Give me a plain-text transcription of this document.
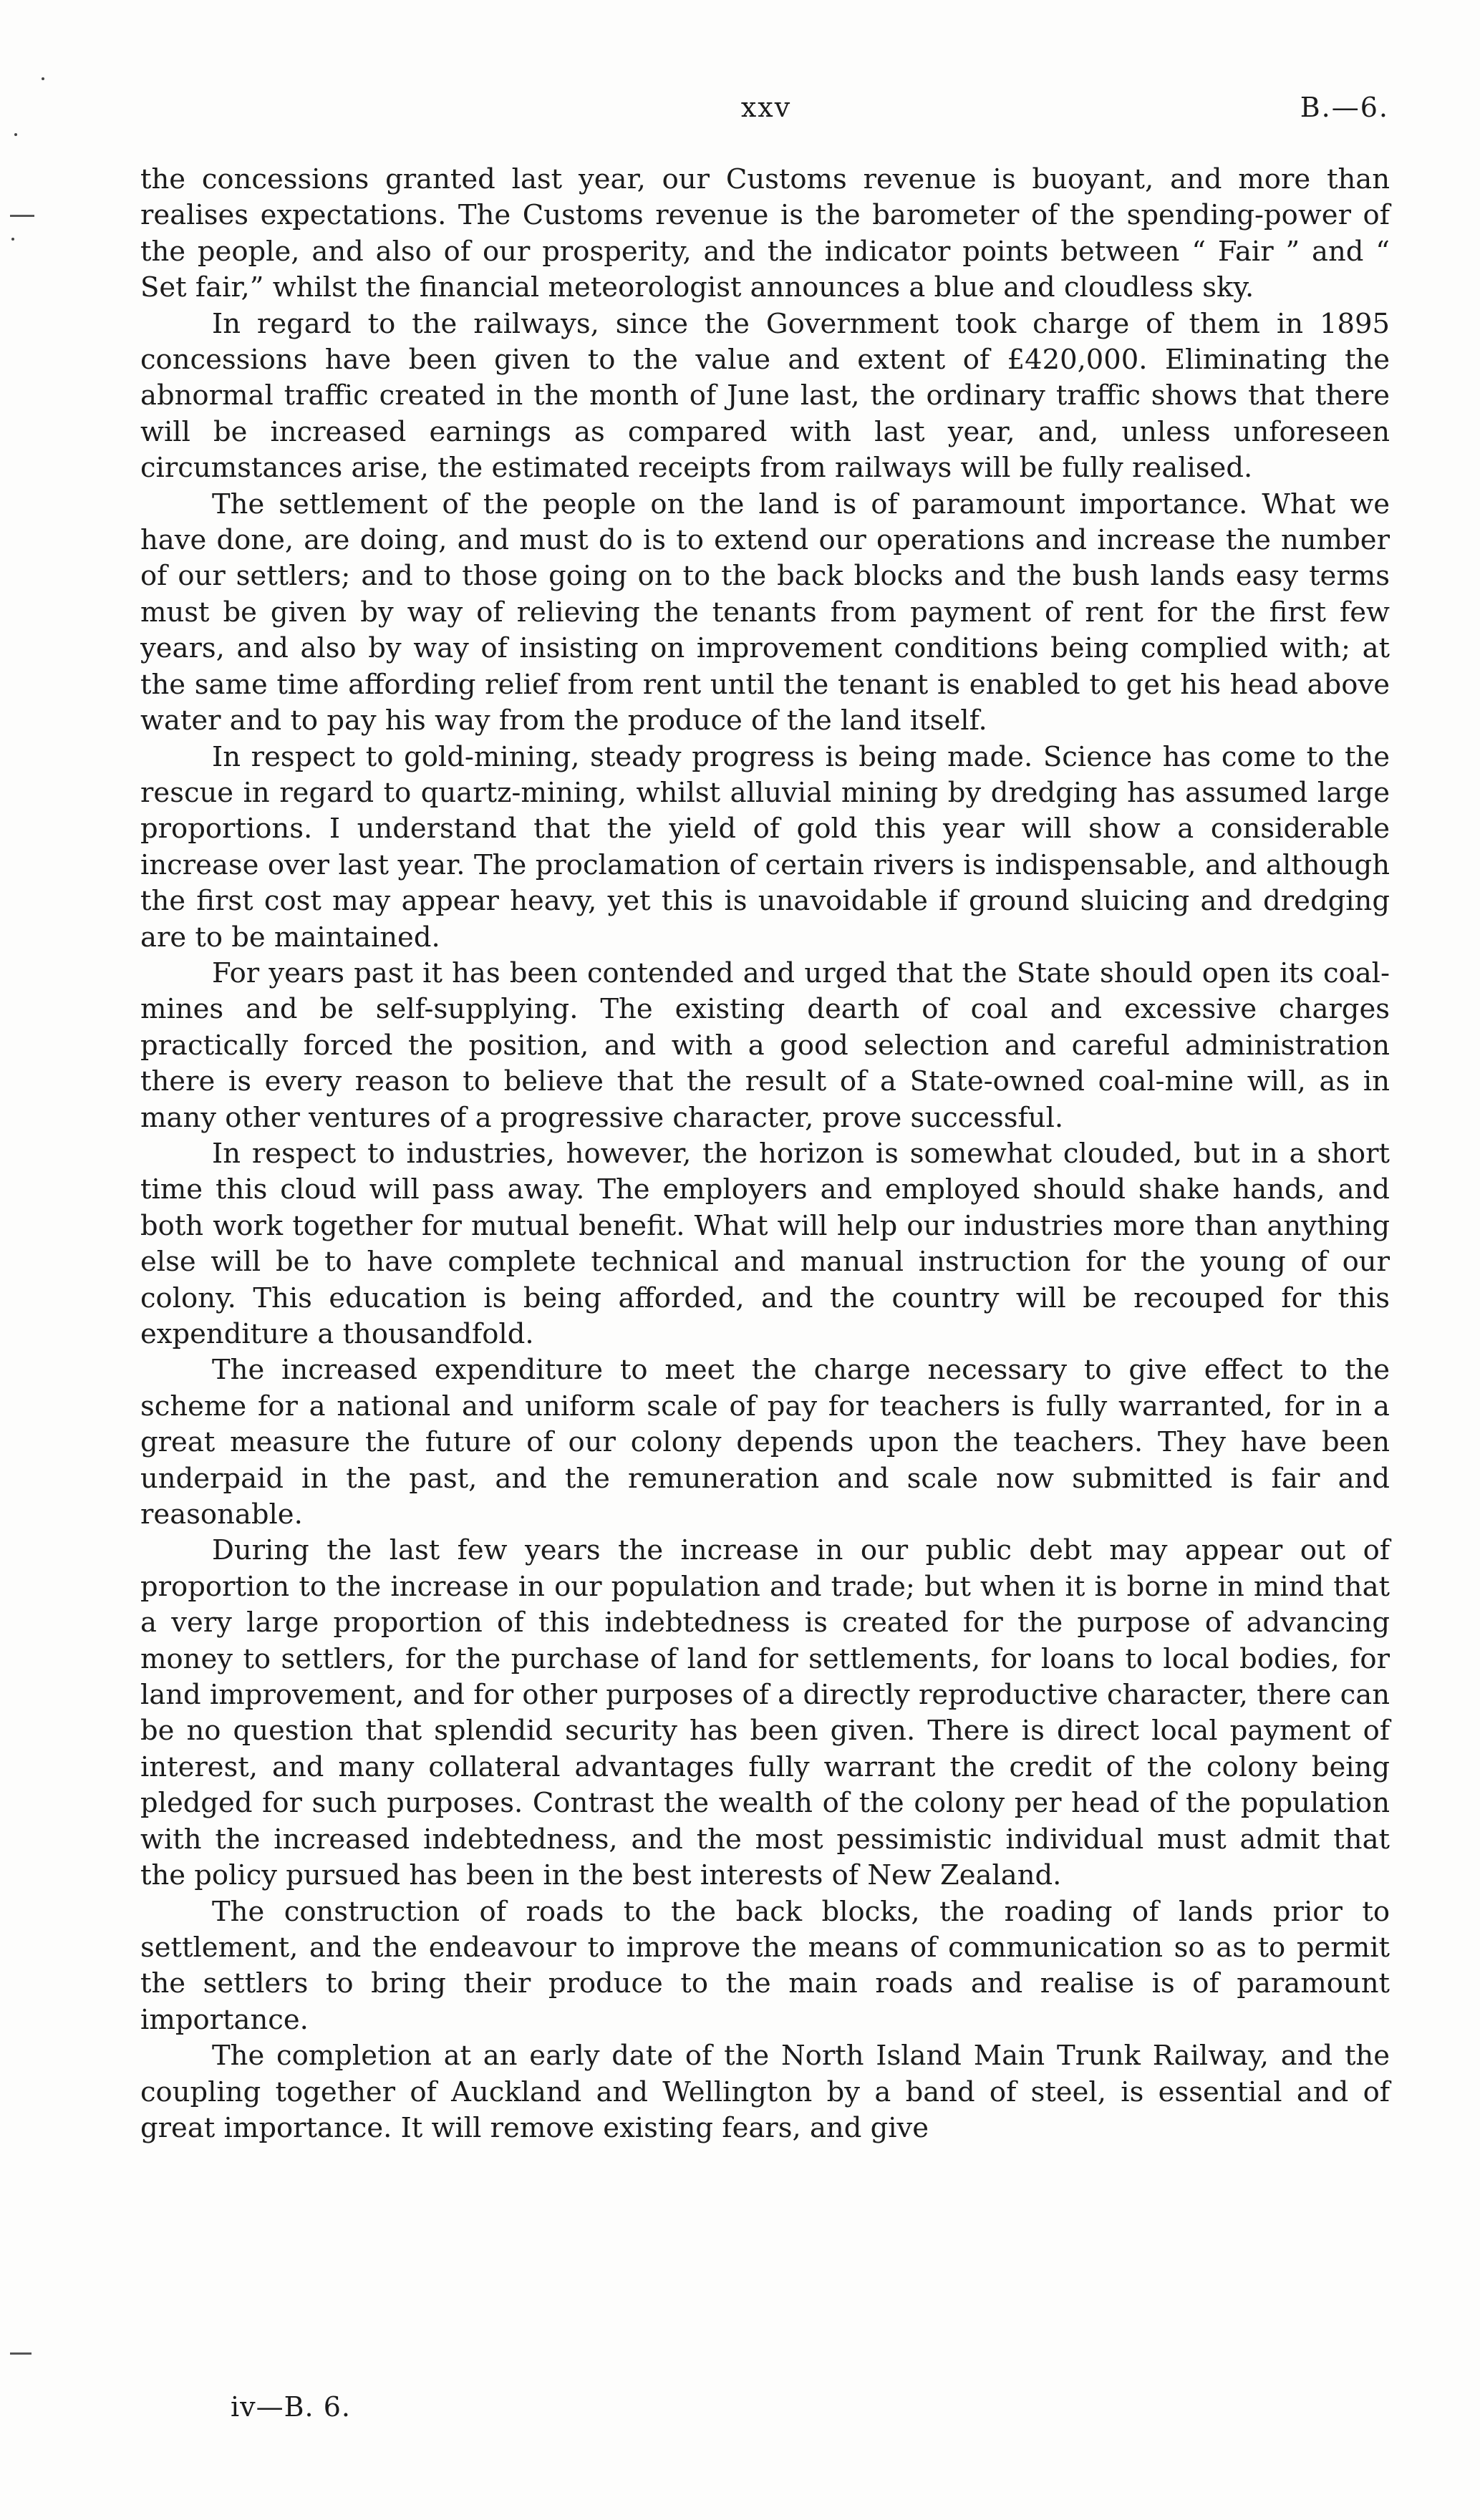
xxv	B.—6.

the concessions granted last year, our Customs revenue is buoyant, and more than realises expectations. The Customs revenue is the barometer of the spending-power of the people, and also of our prosperity, and the indicator points between “ Fair ” and “ Set fair,” whilst the financial meteorologist announces a blue and cloudless sky.

In regard to the railways, since the Government took charge of them in 1895 concessions have been given to the value and extent of £420,000. Eliminating the abnormal traffic created in the month of June last, the ordinary traffic shows that there will be increased earnings as compared with last year, and, unless unforeseen circumstances arise, the estimated receipts from railways will be fully realised.

The settlement of the people on the land is of paramount importance. What we have done, are doing, and must do is to extend our operations and increase the number of our settlers; and to those going on to the back blocks and the bush lands easy terms must be given by way of relieving the tenants from payment of rent for the first few years, and also by way of insisting on improvement conditions being complied with; at the same time affording relief from rent until the tenant is enabled to get his head above water and to pay his way from the produce of the land itself.

In respect to gold-mining, steady progress is being made. Science has come to the rescue in regard to quartz-mining, whilst alluvial mining by dredging has assumed large proportions. I understand that the yield of gold this year will show a considerable increase over last year. The proclamation of certain rivers is indispensable, and although the first cost may appear heavy, yet this is unavoidable if ground sluicing and dredging are to be maintained.

For years past it has been contended and urged that the State should open its coal-mines and be self-supplying. The existing dearth of coal and excessive charges practically forced the position, and with a good selection and careful administration there is every reason to believe that the result of a State-owned coal-mine will, as in many other ventures of a progressive character, prove successful.

In respect to industries, however, the horizon is somewhat clouded, but in a short time this cloud will pass away. The employers and employed should shake hands, and both work together for mutual benefit. What will help our industries more than anything else will be to have complete technical and manual instruction for the young of our colony. This education is being afforded, and the country will be recouped for this expenditure a thousandfold.

The increased expenditure to meet the charge necessary to give effect to the scheme for a national and uniform scale of pay for teachers is fully warranted, for in a great measure the future of our colony depends upon the teachers. They have been underpaid in the past, and the remuneration and scale now submitted is fair and reasonable.

During the last few years the increase in our public debt may appear out of proportion to the increase in our population and trade; but when it is borne in mind that a very large proportion of this indebtedness is created for the purpose of advancing money to settlers, for the purchase of land for settlements, for loans to local bodies, for land improvement, and for other purposes of a directly reproductive character, there can be no question that splendid security has been given. There is direct local payment of interest, and many collateral advantages fully warrant the credit of the colony being pledged for such purposes. Contrast the wealth of the colony per head of the population with the increased indebtedness, and the most pessimistic individual must admit that the policy pursued has been in the best interests of New Zealand.

The construction of roads to the back blocks, the roading of lands prior to settlement, and the endeavour to improve the means of communication so as to permit the settlers to bring their produce to the main roads and realise is of paramount importance.

The completion at an early date of the North Island Main Trunk Railway, and the coupling together of Auckland and Wellington by a band of steel, is essential and of great importance. It will remove existing fears, and give

iv—B. 6.
